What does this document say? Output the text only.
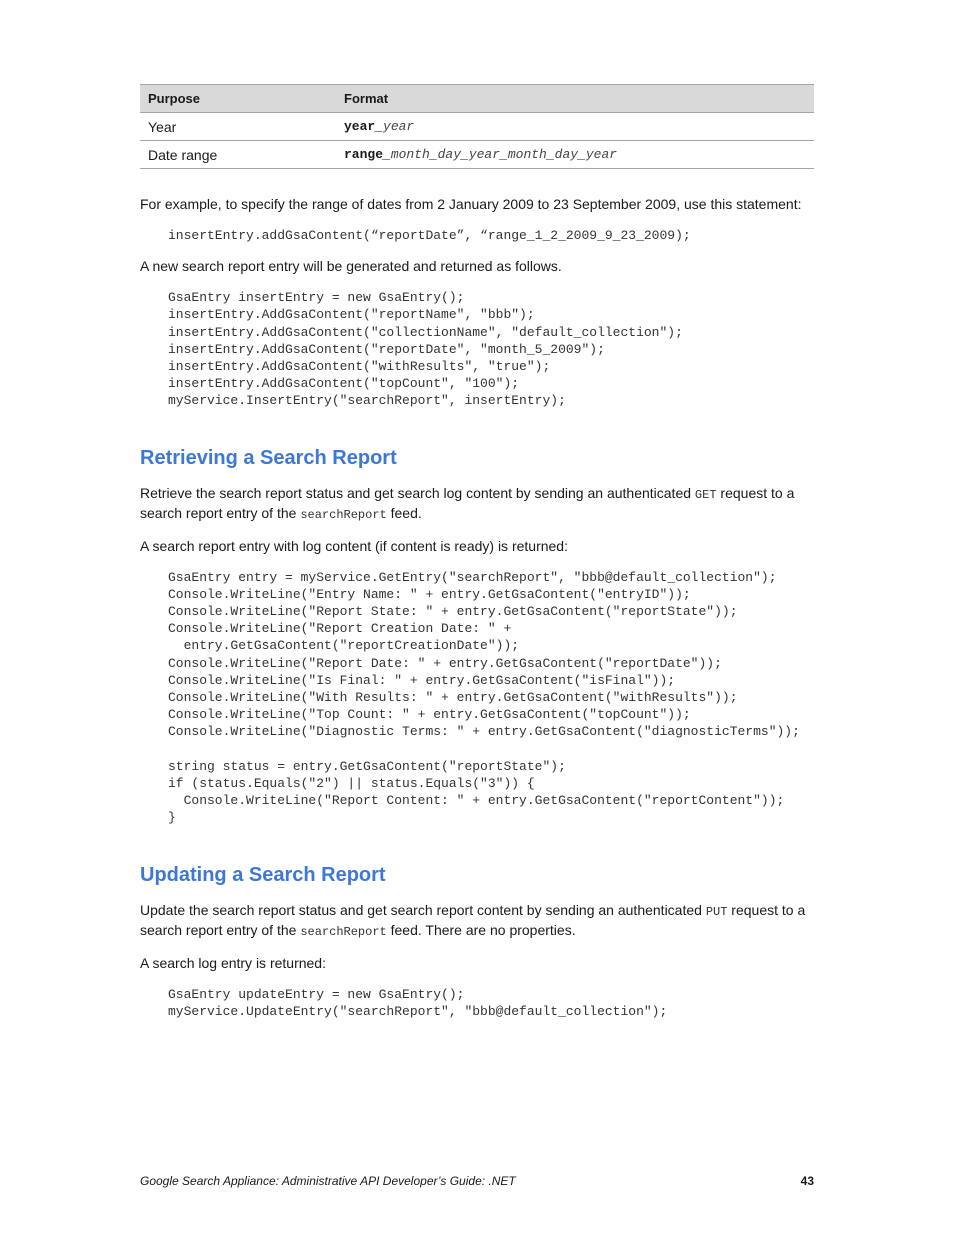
Purpose	Format
Year	year_year
Date range	range_month_day_year_month_day_year

For example, to specify the range of dates from 2 January 2009 to 23 September 2009, use this statement:

insertEntry.addGsaContent(“reportDate”, “range_1_2_2009_9_23_2009);

A new search report entry will be generated and returned as follows.

GsaEntry insertEntry = new GsaEntry();
insertEntry.AddGsaContent("reportName", "bbb");
insertEntry.AddGsaContent("collectionName", "default_collection");
insertEntry.AddGsaContent("reportDate", "month_5_2009");
insertEntry.AddGsaContent("withResults", "true");
insertEntry.AddGsaContent("topCount", "100");
myService.InsertEntry("searchReport", insertEntry);
Retrieving a Search Report

Retrieve the search report status and get search log content by sending an authenticated GET request to a search report entry of the searchReport feed.

A search report entry with log content (if content is ready) is returned:

GsaEntry entry = myService.GetEntry("searchReport", "bbb@default_collection");
Console.WriteLine("Entry Name: " + entry.GetGsaContent("entryID"));
Console.WriteLine("Report State: " + entry.GetGsaContent("reportState"));
Console.WriteLine("Report Creation Date: " +
entry.GetGsaContent("reportCreationDate"));
Console.WriteLine("Report Date: " + entry.GetGsaContent("reportDate"));
Console.WriteLine("Is Final: " + entry.GetGsaContent("isFinal"));
Console.WriteLine("With Results: " + entry.GetGsaContent("withResults"));
Console.WriteLine("Top Count: " + entry.GetGsaContent("topCount"));
Console.WriteLine("Diagnostic Terms: " + entry.GetGsaContent("diagnosticTerms"));

string status = entry.GetGsaContent("reportState");
if (status.Equals("2") || status.Equals("3")) {
Console.WriteLine("Report Content: " + entry.GetGsaContent("reportContent"));
}
Updating a Search Report

Update the search report status and get search report content by sending an authenticated PUT request to a search report entry of the searchReport feed. There are no properties.

A search log entry is returned:

GsaEntry updateEntry = new GsaEntry();
myService.UpdateEntry("searchReport", "bbb@default_collection");
Google Search Appliance: Administrative API Developer’s Guide: .NET	43
